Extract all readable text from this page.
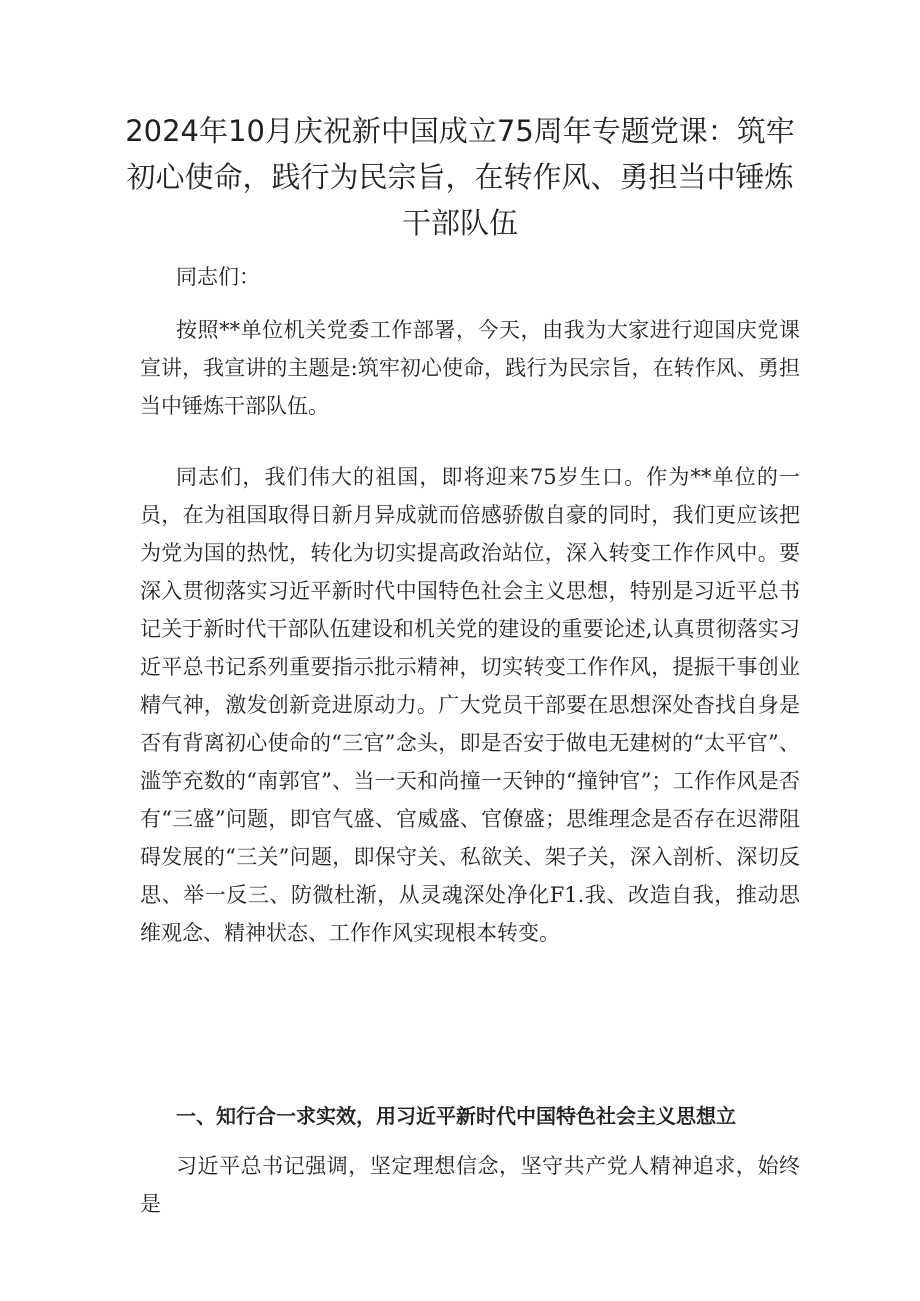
2024年10月庆祝新中国成立75周年专题党课：筑牢初心使命，践行为民宗旨，在转作风、勇担当中锤炼干部队伍
同志们：
按照**单位机关党委工作部署，今天，由我为大家进行迎国庆党课宣讲，我宣讲的主题是:筑牢初心使命，践行为民宗旨，在转作风、勇担当中锤炼干部队伍。
同志们，我们伟大的祖国，即将迎来75岁生口。作为**单位的一员，在为祖国取得日新月异成就而倍感骄傲自豪的同时，我们更应该把为党为国的热忱，转化为切实提高政治站位，深入转变工作作风中。要深入贯彻落实习近平新时代中国特色社会主义思想，特别是习近平总书记关于新时代干部队伍建设和机关党的建设的重要论述,认真贯彻落实习近平总书记系列重要指示批示精神，切实转变工作作风，提振干事创业精气神，激发创新竞进原动力。广大党员干部要在思想深处杳找自身是否有背离初心使命的“三官”念头，即是否安于做电无建树的“太平官”、滥竽充数的“南郭官”、当一天和尚撞一天钟的“撞钟官”；工作作风是否有“三盛”问题，即官气盛、官威盛、官僚盛；思维理念是否存在迟滞阻碍发展的“三关”问题，即保守关、私欲关、架子关，深入剖析、深切反思、举一反三、防微杜渐，从灵魂深处净化F1.我、改造自我，推动思维观念、精神状态、工作作风实现根本转变。
一、知行合一求实效，用习近平新时代中国特色社会主义思想立
习近平总书记强调，坚定理想信念，坚守共产党人精神追求，始终是
